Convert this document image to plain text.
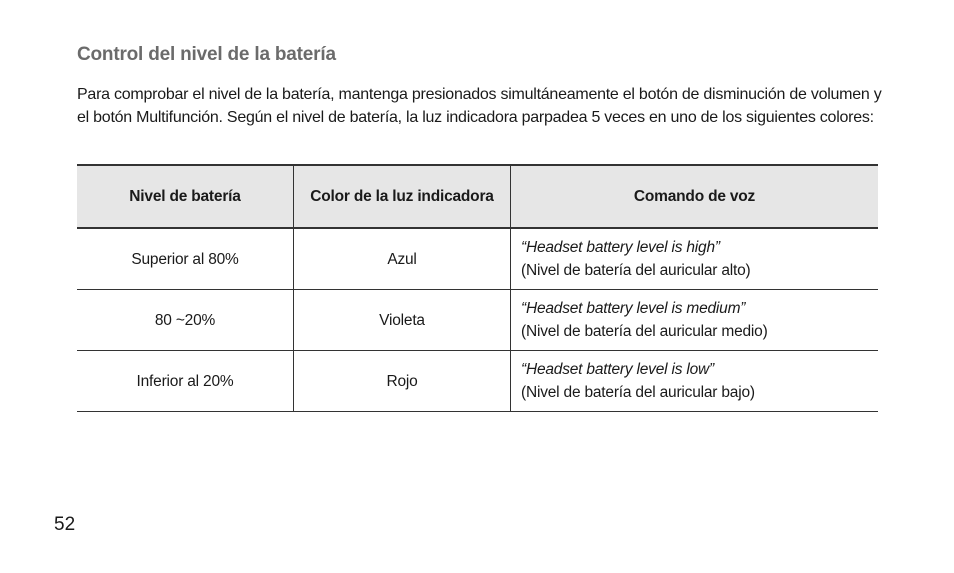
Control del nivel de la batería

Para comprobar el nivel de la batería, mantenga presionados simultáneamente el botón de disminución de volumen y el botón Multifunción. Según el nivel de batería, la luz indicadora parpadea 5 veces en uno de los siguientes colores:

Nivel de batería	Color de la luz indicadora	Comando de voz
Superior al 80%	Azul	“Headset battery level is high”
(Nivel de batería del auricular alto)

80 ~20%	Violeta	“Headset battery level is medium”
(Nivel de batería del auricular medio)

Inferior al 20%	Rojo	“Headset battery level is low”
(Nivel de batería del auricular bajo)
52
